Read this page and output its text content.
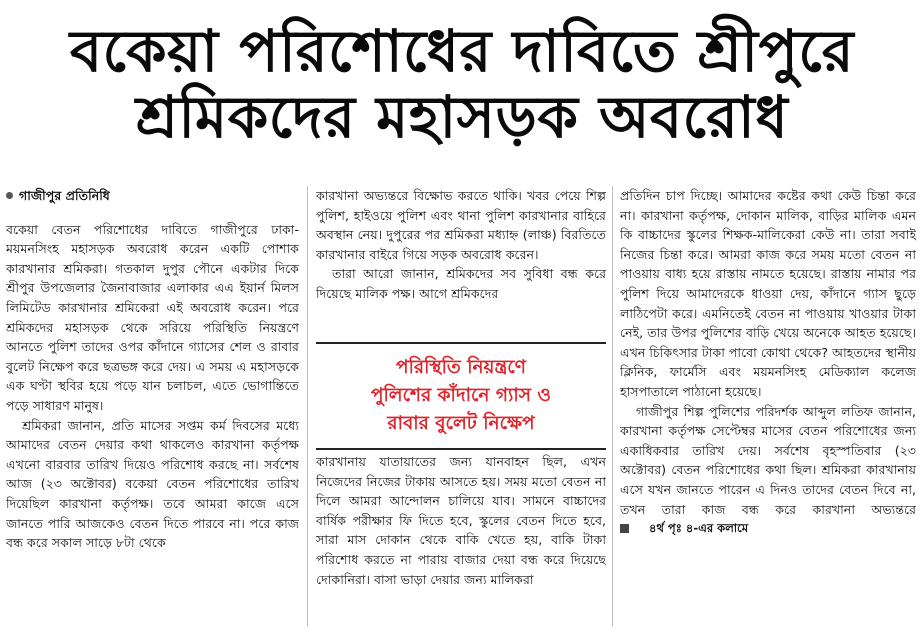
বকেয়া পরিশোধের দাবিতে শ্রীপুরে
শ্রমিকদের মহাসড়ক অবরোধ
গাজীপুর প্রতিনিধি

বকেয়া বেতন পরিশোধের দাবিতে গাজীপুরে ঢাকা-ময়মনসিংহ মহাসড়ক অবরোধ করেন একটি পোশাক কারখানার শ্রমিকরা। গতকাল দুপুর পৌনে একটার দিকে শ্রীপুর উপজেলার জৈনাবাজার এলাকার এএ ইয়ার্ন মিলস লিমিটেড কারখানার শ্রমিকেরা এই অবরোধ করেন। পরে শ্রমিকদের মহাসড়ক থেকে সরিয়ে পরিস্থিতি নিয়ন্ত্রণে আনতে পুলিশ তাদের ওপর কাঁদানে গ্যাসের শেল ও রাবার বুলেট নিক্ষেপ করে ছত্রভঙ্গ করে দেয়। এ সময় এ মহাসড়কে এক ঘণ্টা স্থবির হয়ে পড়ে যান চলাচল, এতে ভোগান্তিতে পড়ে সাধারণ মানুষ।

শ্রমিকরা জানান, প্রতি মাসের সপ্তম কর্ম দিবসের মধ্যে আমাদের বেতন দেয়ার কথা থাকলেও কারখানা কর্তৃপক্ষ এখনো বারবার তারিখ দিয়েও পরিশোধ করছে না। সর্বশেষ আজ (২৩ অক্টোবর) বকেয়া বেতন পরিশোধের তারিখ দিয়েছিল কারখানা কর্তৃপক্ষ। তবে আমরা কাজে এসে জানতে পারি আজকেও বেতন দিতে পারবে না। পরে কাজ বন্ধ করে সকাল সাড়ে ৮টা থেকে

কারখানা অভ্যন্তরে বিক্ষোভ করতে থাকি। খবর পেয়ে শিল্প পুলিশ, হাইওয়ে পুলিশ এবং থানা পুলিশ কারখানার বাহিরে অবস্থান নেয়। দুপুরের পর শ্রমিকরা মধ্যাহ্ন (লাঞ্চ) বিরতিতে কারখানার বাইরে গিয়ে সড়ক অবরোধ করেন।

তারা আরো জানান, শ্রমিকদের সব সুবিধা বন্ধ করে দিয়েছে মালিক পক্ষ। আগে শ্রমিকদের

পরিস্থিতি নিয়ন্ত্রণে
পুলিশের কাঁদানে গ্যাস ও
রাবার বুলেট নিক্ষেপ

কারখানায় যাতায়াতের জন্য যানবাহন ছিল, এখন নিজেদের নিজের টাকায় আসতে হয়। সময় মতো বেতন না দিলে আমরা আন্দোলন চালিয়ে যাব। সামনে বাচ্চাদের বার্ষিক পরীক্ষার ফি দিতে হবে, স্কুলের বেতন দিতে হবে, সারা মাস দোকান থেকে বাকি খেতে হয়, বাকি টাকা পরিশোধ করতে না পারায় বাজার দেয়া বন্ধ করে দিয়েছে দোকানিরা। বাসা ভাড়া দেয়ার জন্য মালিকরা

প্রতিদিন চাপ দিচ্ছে। আমাদের কষ্টের কথা কেউ চিন্তা করে না। কারখানা কর্তৃপক্ষ, দোকান মালিক, বাড়ির মালিক এমন কি বাচ্চাদের স্কুলের শিক্ষক-মালিকেরা কেউ না। তারা সবাই নিজের চিন্তা করে। আমরা কাজ করে সময় মতো বেতন না পাওয়ায় বাধ্য হয়ে রাস্তায় নামতে হয়েছে। রাস্তায় নামার পর পুলিশ দিয়ে আমাদেরকে ধাওয়া দেয়, কাঁদানে গ্যাস ছুড়ে লাঠিপেটা করে। এমনিতেই বেতন না পাওয়ায় খাওয়ার টাকা নেই, তার উপর পুলিশের বাড়ি খেয়ে অনেকে আহত হয়েছে। এখন চিকিৎসার টাকা পাবো কোথা থেকে? আহতদের স্থানীয় ক্লিনিক, ফার্মেসি এবং ময়মনসিংহ মেডিক্যাল কলেজ হাসপাতালে পাঠানো হয়েছে।

গাজীপুর শিল্প পুলিশের পরিদর্শক আব্দুল লতিফ জানান, কারখানা কর্তৃপক্ষ সেপ্টেম্বর মাসের বেতন পরিশোধের জন্য একাধিকবার তারিখ দেয়। সর্বশেষ বৃহস্পতিবার (২৩ অক্টোবর) বেতন পরিশোধের কথা ছিল। শ্রমিকরা কারখানায় এসে যখন জানতে পারেন এ দিনও তাদের বেতন দিবে না, তখন তারা কাজ বন্ধ করে কারখানা অভ্যন্তরে
৪র্থ পৃঃ ৪-এর কলামে
